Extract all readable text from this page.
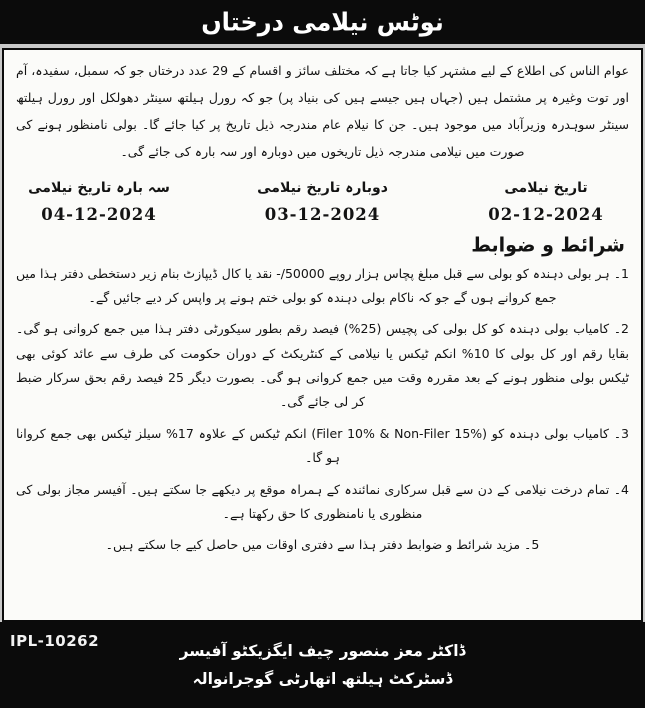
نوٹس نیلامی درختاں

عوام الناس کی اطلاع کے لیے مشتہر کیا جاتا ہے کہ مختلف سائز و اقسام کے 29 عدد درختاں جو کہ سمبل، سفیدہ، آم اور توت وغیرہ پر مشتمل ہیں (جہاں ہیں جیسے ہیں کی بنیاد پر) جو کہ رورل ہیلتھ سینٹر دھولکل اور رورل ہیلتھ سینٹر سوہدرہ وزیرآباد میں موجود ہیں۔ جن کا نیلام عام مندرجہ ذیل تاریخ پر کیا جائے گا۔ بولی نامنظور ہونے کی صورت میں نیلامی مندرجہ ذیل تاریخوں میں دوبارہ اور سہ بارہ کی جائے گی۔

تاریخ نیلامی
02-12-2024
دوبارہ تاریخ نیلامی
03-12-2024
سہ بارہ تاریخ نیلامی
04-12-2024
شرائط و ضوابط
1۔ ہر بولی دہندہ کو بولی سے قبل مبلغ پچاس ہزار روپے 50000/- نقد یا کال ڈیپازٹ بنام زیر دستخطی دفتر ہذا میں جمع کروانے ہوں گے جو کہ ناکام بولی دہندہ کو بولی ختم ہونے پر واپس کر دیے جائیں گے۔
2۔ کامیاب بولی دہندہ کو کل بولی کی پچیس (25%) فیصد رقم بطور سیکورٹی دفتر ہذا میں جمع کروانی ہو گی۔ بقایا رقم اور کل بولی کا 10% انکم ٹیکس یا نیلامی کے کنٹریکٹ کے دوران حکومت کی طرف سے عائد کوئی بھی ٹیکس بولی منظور ہونے کے بعد مقررہ وقت میں جمع کروانی ہو گی۔ بصورت دیگر 25 فیصد رقم بحق سرکار ضبط کر لی جائے گی۔
3۔ کامیاب بولی دہندہ کو (Filer 10% & Non-Filer 15%) انکم ٹیکس کے علاوہ 17% سیلز ٹیکس بھی جمع کروانا ہو گا۔
4۔ تمام درخت نیلامی کے دن سے قبل سرکاری نمائندہ کے ہمراہ موقع پر دیکھے جا سکتے ہیں۔ آفیسر مجاز بولی کی منظوری یا نامنظوری کا حق رکھتا ہے۔
5۔ مزید شرائط و ضوابط دفتر ہذا سے دفتری اوقات میں حاصل کیے جا سکتے ہیں۔
IPL-10262
ڈاکٹر معز منصور چیف ایگزیکٹو آفیسر
ڈسٹرکٹ ہیلتھ اتھارٹی گوجرانوالہ
